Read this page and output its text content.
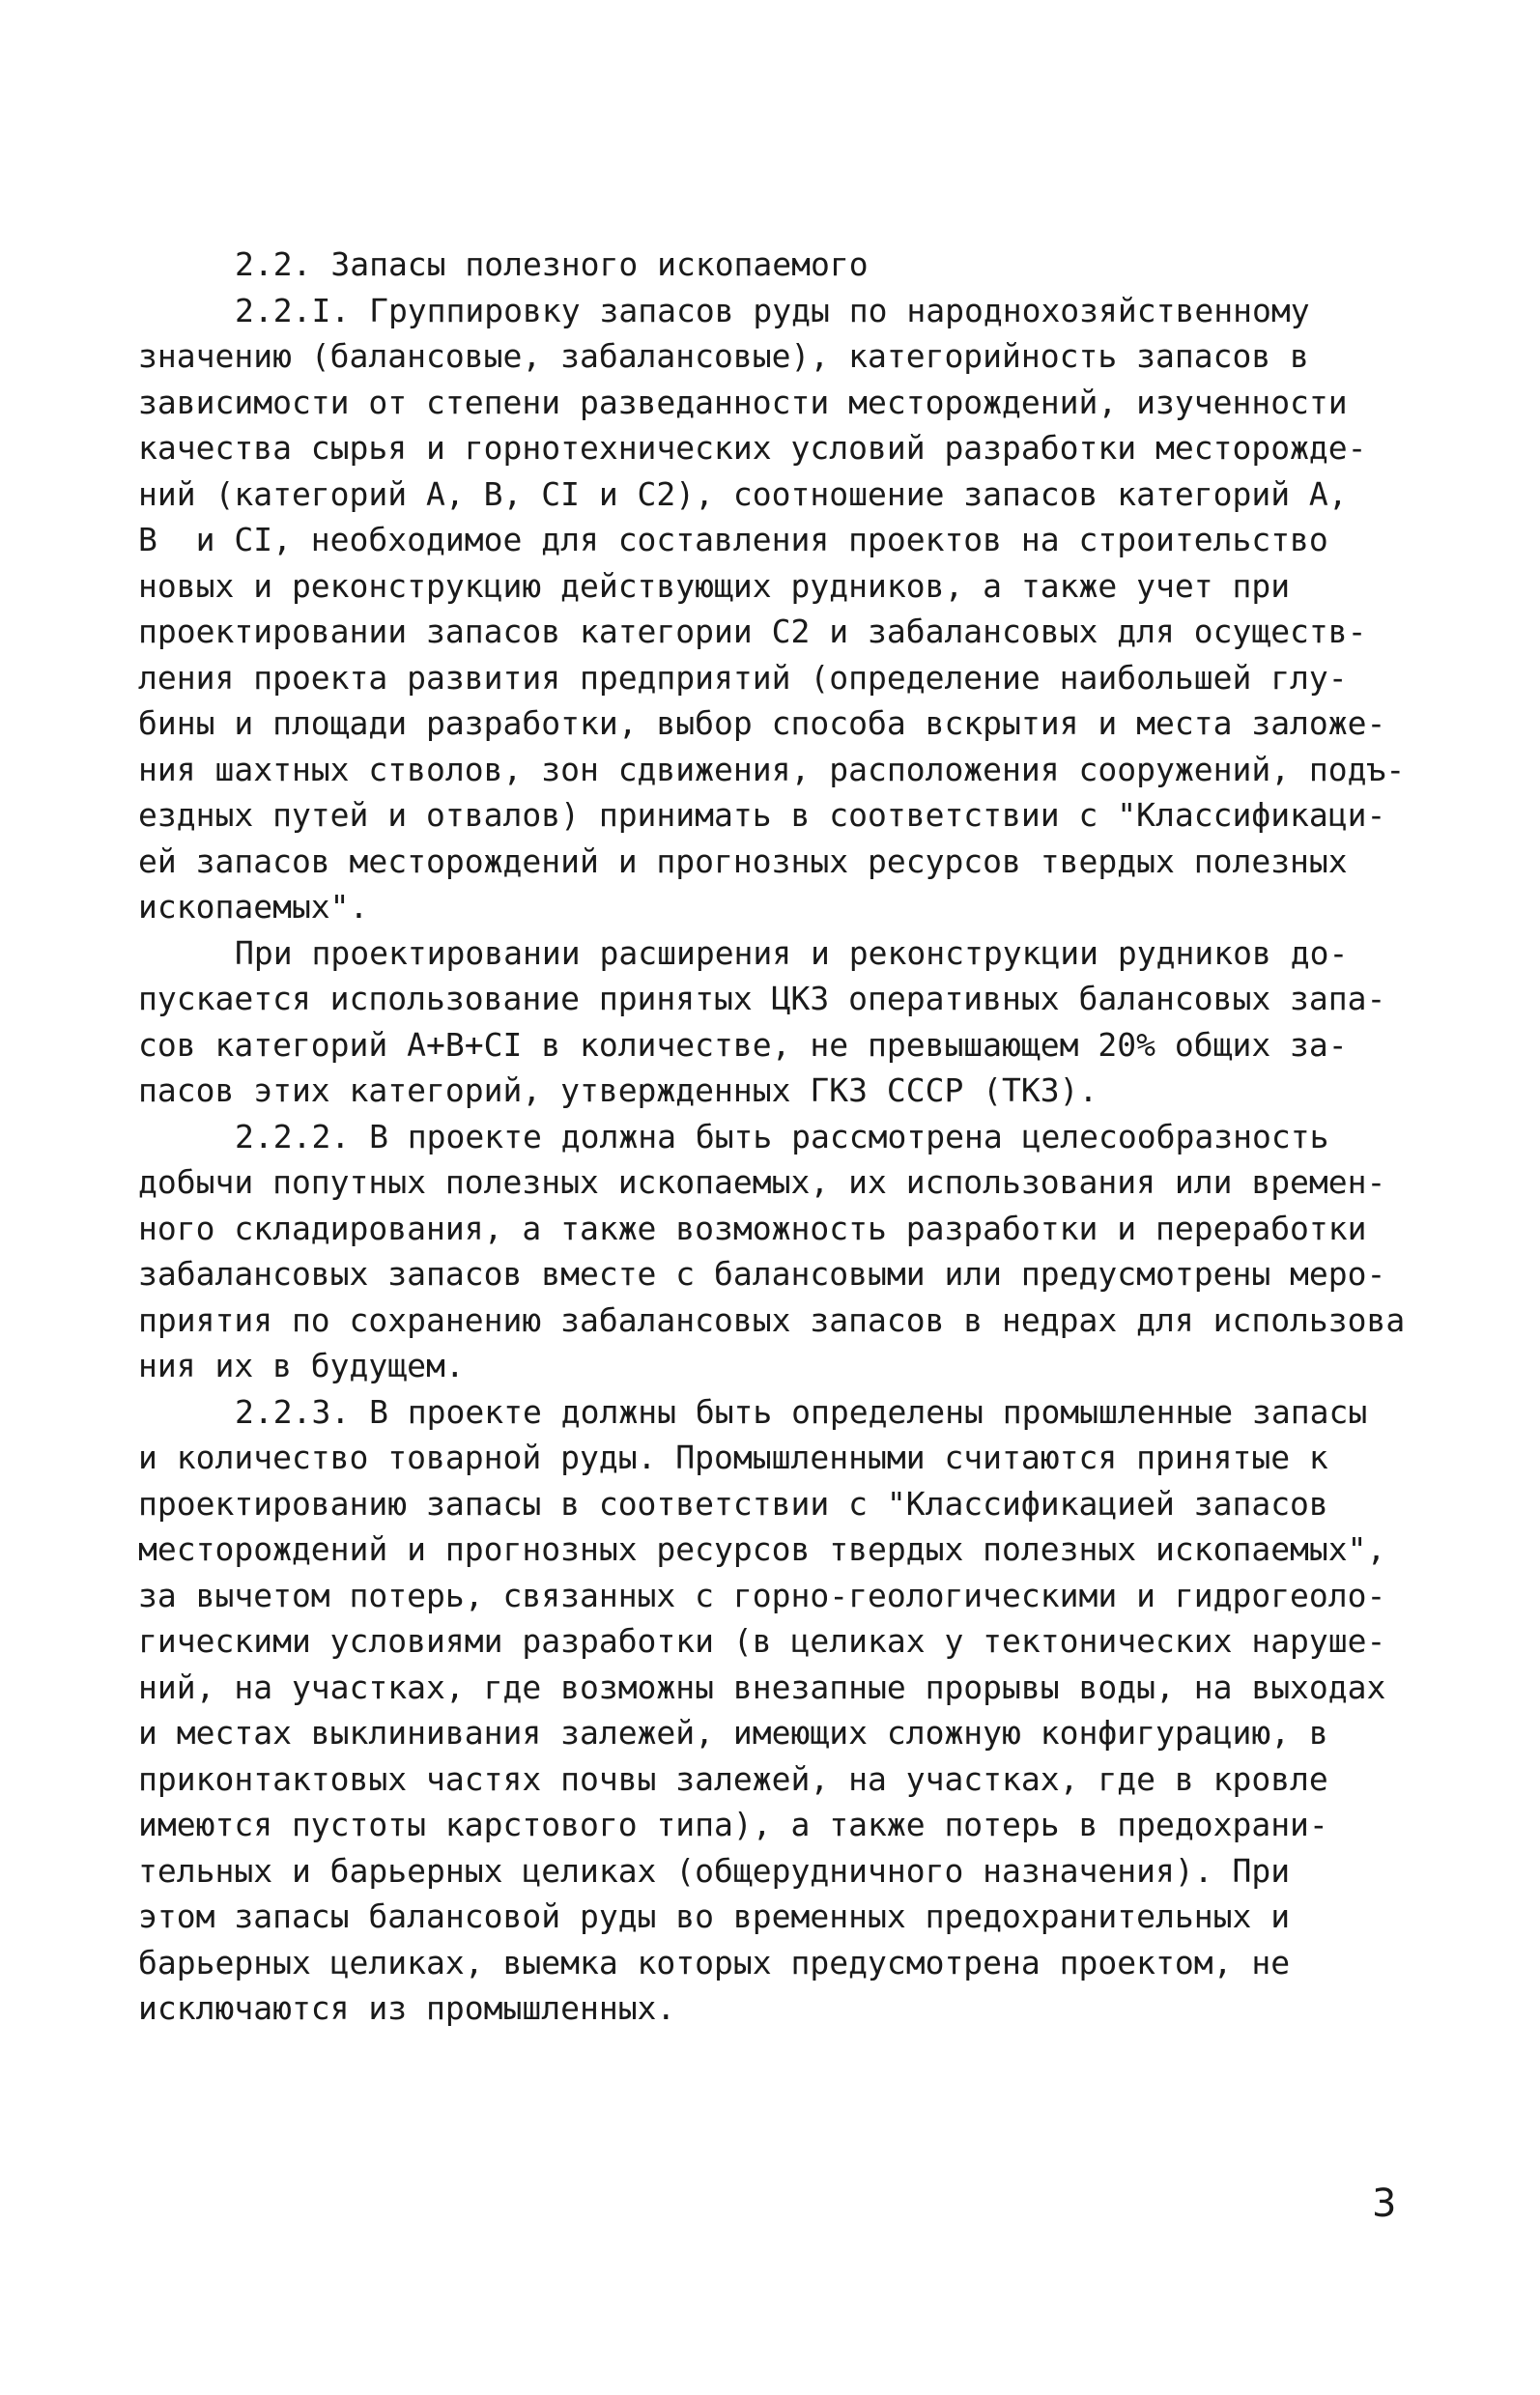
2.2. Запасы полезного ископаемого
2.2.I. Группировку запасов руды по народнохозяйственному
значению (балансовые, забалансовые), категорийность запасов в
зависимости от степени разведанности месторождений, изученности
качества сырья и горнотехнических условий разработки месторожде-
ний (категорий А, В, CI и C2), соотношение запасов категорий А,
В  и CI, необходимое для составления проектов на строительство
новых и реконструкцию действующих рудников, а также учет при
проектировании запасов категории C2 и забалансовых для осуществ-
ления проекта развития предприятий (определение наибольшей глу-
бины и площади разработки, выбор способа вскрытия и места заложе-
ния шахтных стволов, зон сдвижения, расположения сооружений, подъ-
ездных путей и отвалов) принимать в соответствии с "Классификаци-
ей запасов месторождений и прогнозных ресурсов твердых полезных
ископаемых".
При проектировании расширения и реконструкции рудников до-
пускается использование принятых ЦКЗ оперативных балансовых запа-
сов категорий А+В+CI в количестве, не превышающем 20% общих за-
пасов этих категорий, утвержденных ГКЗ СССР (ТКЗ).
2.2.2. В проекте должна быть рассмотрена целесообразность
добычи попутных полезных ископаемых, их использования или времен-
ного складирования, а также возможность разработки и переработки
забалансовых запасов вместе с балансовыми или предусмотрены меро-
приятия по сохранению забалансовых запасов в недрах для использова
ния их в будущем.
2.2.3. В проекте должны быть определены промышленные запасы
и количество товарной руды. Промышленными считаются принятые к
проектированию запасы в соответствии с "Классификацией запасов
месторождений и прогнозных ресурсов твердых полезных ископаемых",
за вычетом потерь, связанных с горно-геологическими и гидрогеоло-
гическими условиями разработки (в целиках у тектонических наруше-
ний, на участках, где возможны внезапные прорывы воды, на выходах
и местах выклинивания залежей, имеющих сложную конфигурацию, в
приконтактовых частях почвы залежей, на участках, где в кровле
имеются пустоты карстового типа), а также потерь в предохрани-
тельных и барьерных целиках (общерудничного назначения). При
этом запасы балансовой руды во временных предохранительных и
барьерных целиках, выемка которых предусмотрена проектом, не
исключаются из промышленных.
3
